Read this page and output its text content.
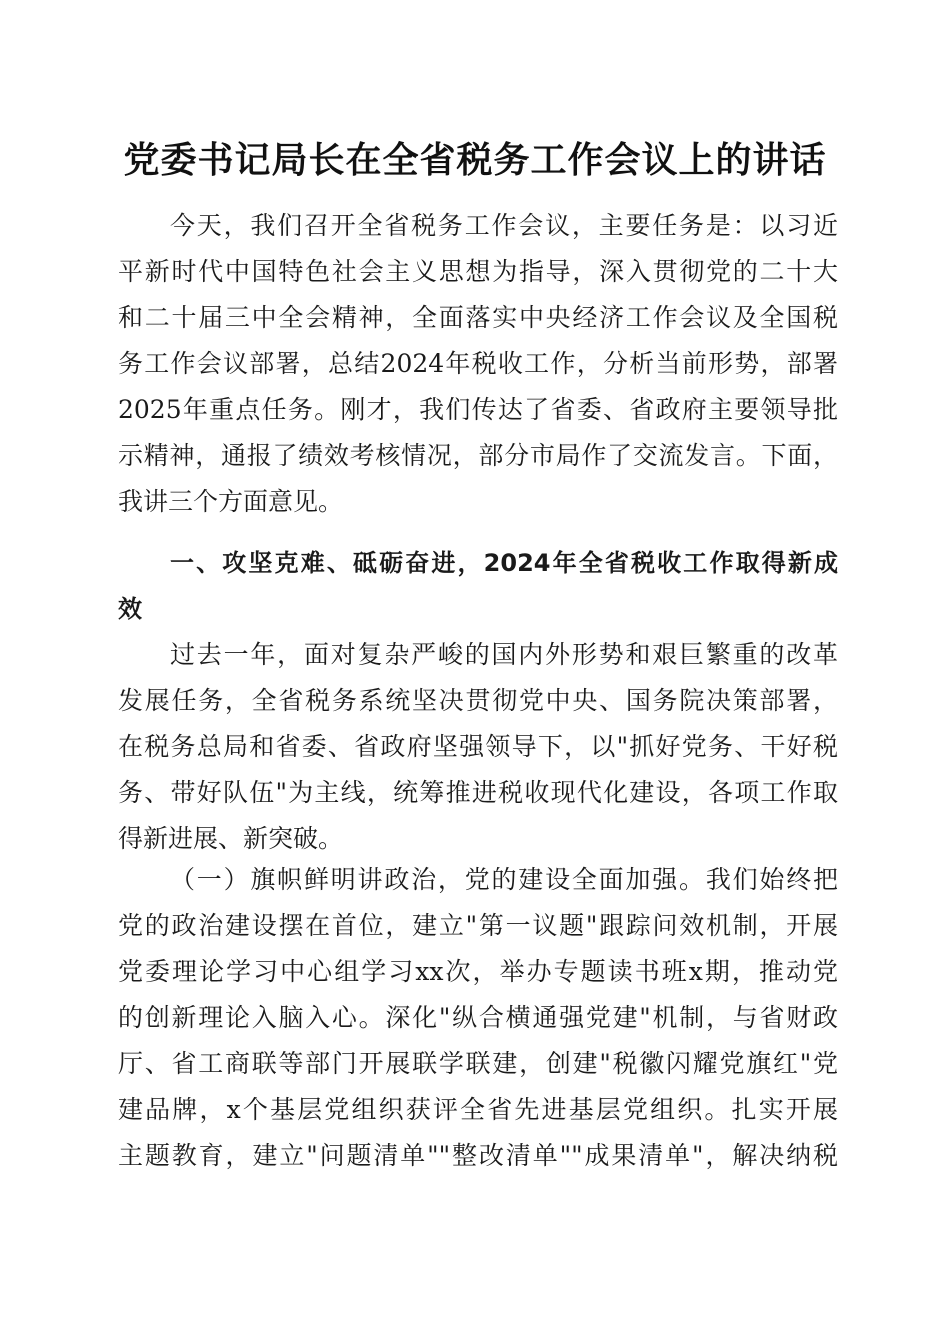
党委书记局长在全省税务工作会议上的讲话
今天，我们召开全省税务工作会议，主要任务是：以习近
平新时代中国特色社会主义思想为指导，深入贯彻党的二十大
和二十届三中全会精神，全面落实中央经济工作会议及全国税
务工作会议部署，总结2024年税收工作，分析当前形势，部署
2025年重点任务。刚才，我们传达了省委、省政府主要领导批
示精神，通报了绩效考核情况，部分市局作了交流发言。下面，
我讲三个方面意见。
一、攻坚克难、砥砺奋进，2024年全省税收工作取得新成
效
过去一年，面对复杂严峻的国内外形势和艰巨繁重的改革
发展任务，全省税务系统坚决贯彻党中央、国务院决策部署，
在税务总局和省委、省政府坚强领导下，以"抓好党务、干好税
务、带好队伍"为主线，统筹推进税收现代化建设，各项工作取
得新进展、新突破。
（一）旗帜鲜明讲政治，党的建设全面加强。我们始终把
党的政治建设摆在首位，建立"第一议题"跟踪问效机制，开展
党委理论学习中心组学习xx次，举办专题读书班x期，推动党
的创新理论入脑入心。深化"纵合横通强党建"机制，与省财政
厅、省工商联等部门开展联学联建，创建"税徽闪耀党旗红"党
建品牌，x个基层党组织获评全省先进基层党组织。扎实开展
主题教育，建立"问题清单""整改清单""成果清单"，解决纳税
